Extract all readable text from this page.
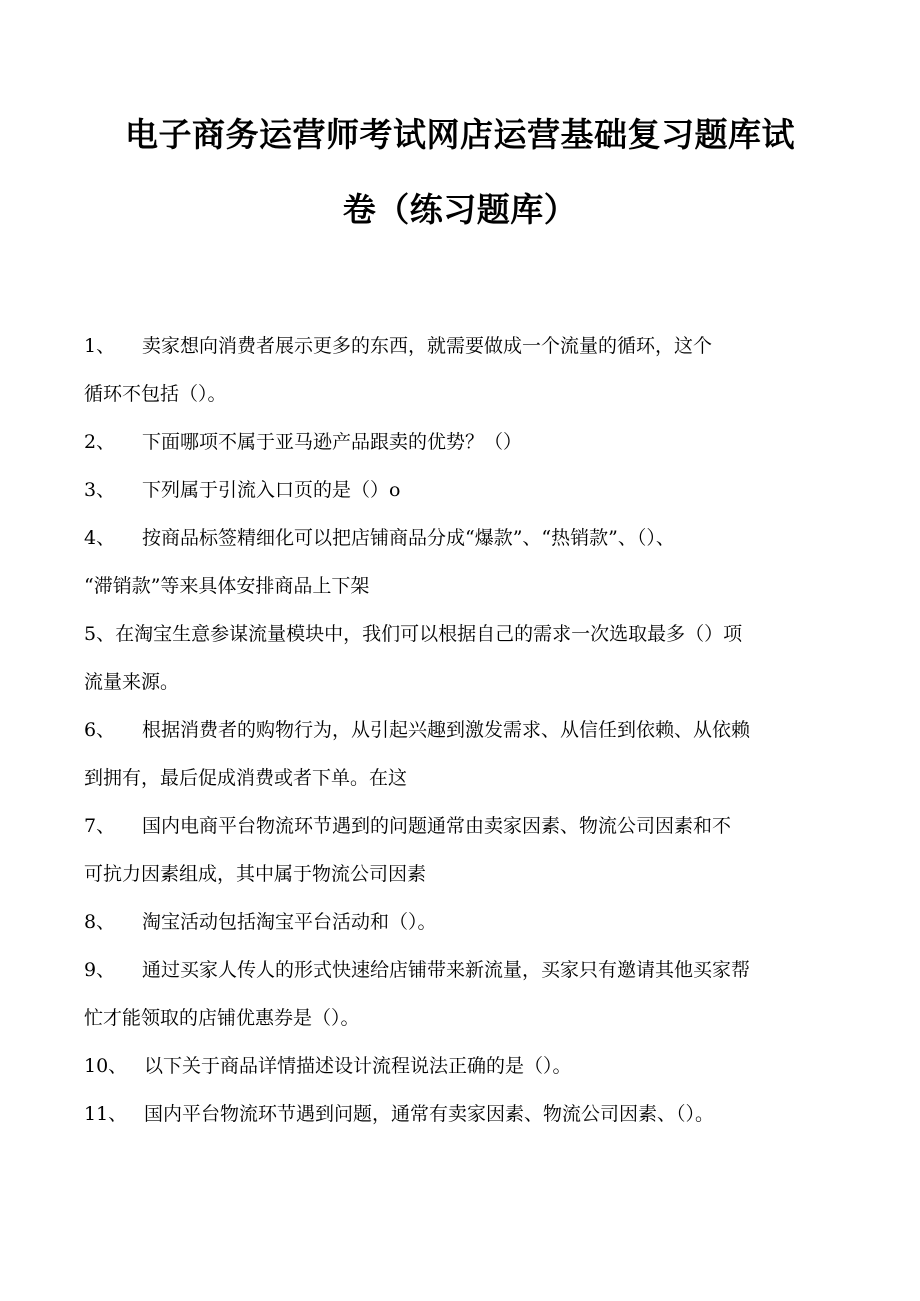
电子商务运营师考试网店运营基础复习题库试
卷（练习题库）
1、 卖家想向消费者展示更多的东西，就需要做成一个流量的循环，这个
循环不包括（）。
2、 下面哪项不属于亚马逊产品跟卖的优势？（）
3、 下列属于引流入口页的是（）o
4、 按商品标签精细化可以把店铺商品分成“爆款”、“热销款”、（）、
“滞销款”等来具体安排商品上下架
5、在淘宝生意参谋流量模块中，我们可以根据自己的需求一次选取最多（）项
流量来源。
6、 根据消费者的购物行为，从引起兴趣到激发需求、从信任到依赖、从依赖
到拥有，最后促成消费或者下单。在这
7、 国内电商平台物流环节遇到的问题通常由卖家因素、物流公司因素和不
可抗力因素组成，其中属于物流公司因素
8、 淘宝活动包括淘宝平台活动和（）。
9、 通过买家人传人的形式快速给店铺带来新流量，买家只有邀请其他买家帮
忙才能领取的店铺优惠券是（）。
10、 以下关于商品详情描述设计流程说法正确的是（）。
11、 国内平台物流环节遇到问题，通常有卖家因素、物流公司因素、（）。
